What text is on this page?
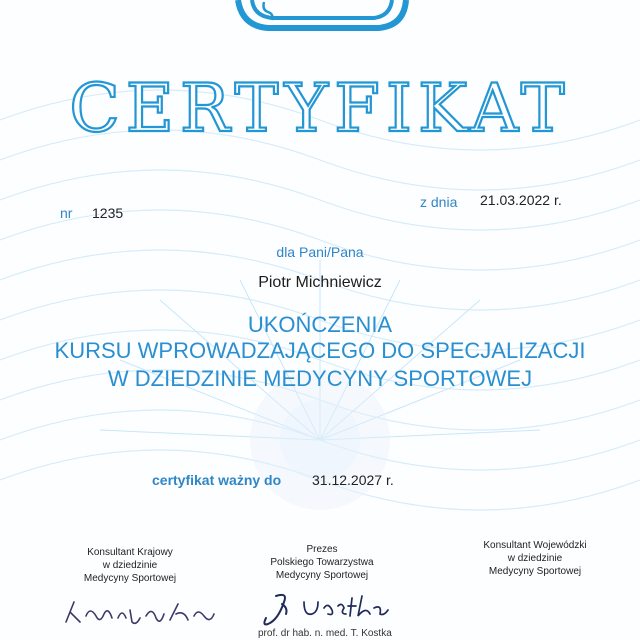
CERTYFIKAT
nr 1235
z dnia 21.03.2022 r.
dla Pani/Pana
Piotr Michniewicz
UKOŃCZENIA
KURSU WPROWADZAJĄCEGO DO SPECJALIZACJI
W DZIEDZINIE MEDYCYNY SPORTOWEJ
certyfikat ważny do 31.12.2027 r.
Konsultant Krajowy
w dziedzinie
Medycyny Sportowej
Prezes
Polskiego Towarzystwa
Medycyny Sportowej
Konsultant Wojewódzki
w dziedzinie
Medycyny Sportowej
prof. dr hab. n. med. T. Kostka
